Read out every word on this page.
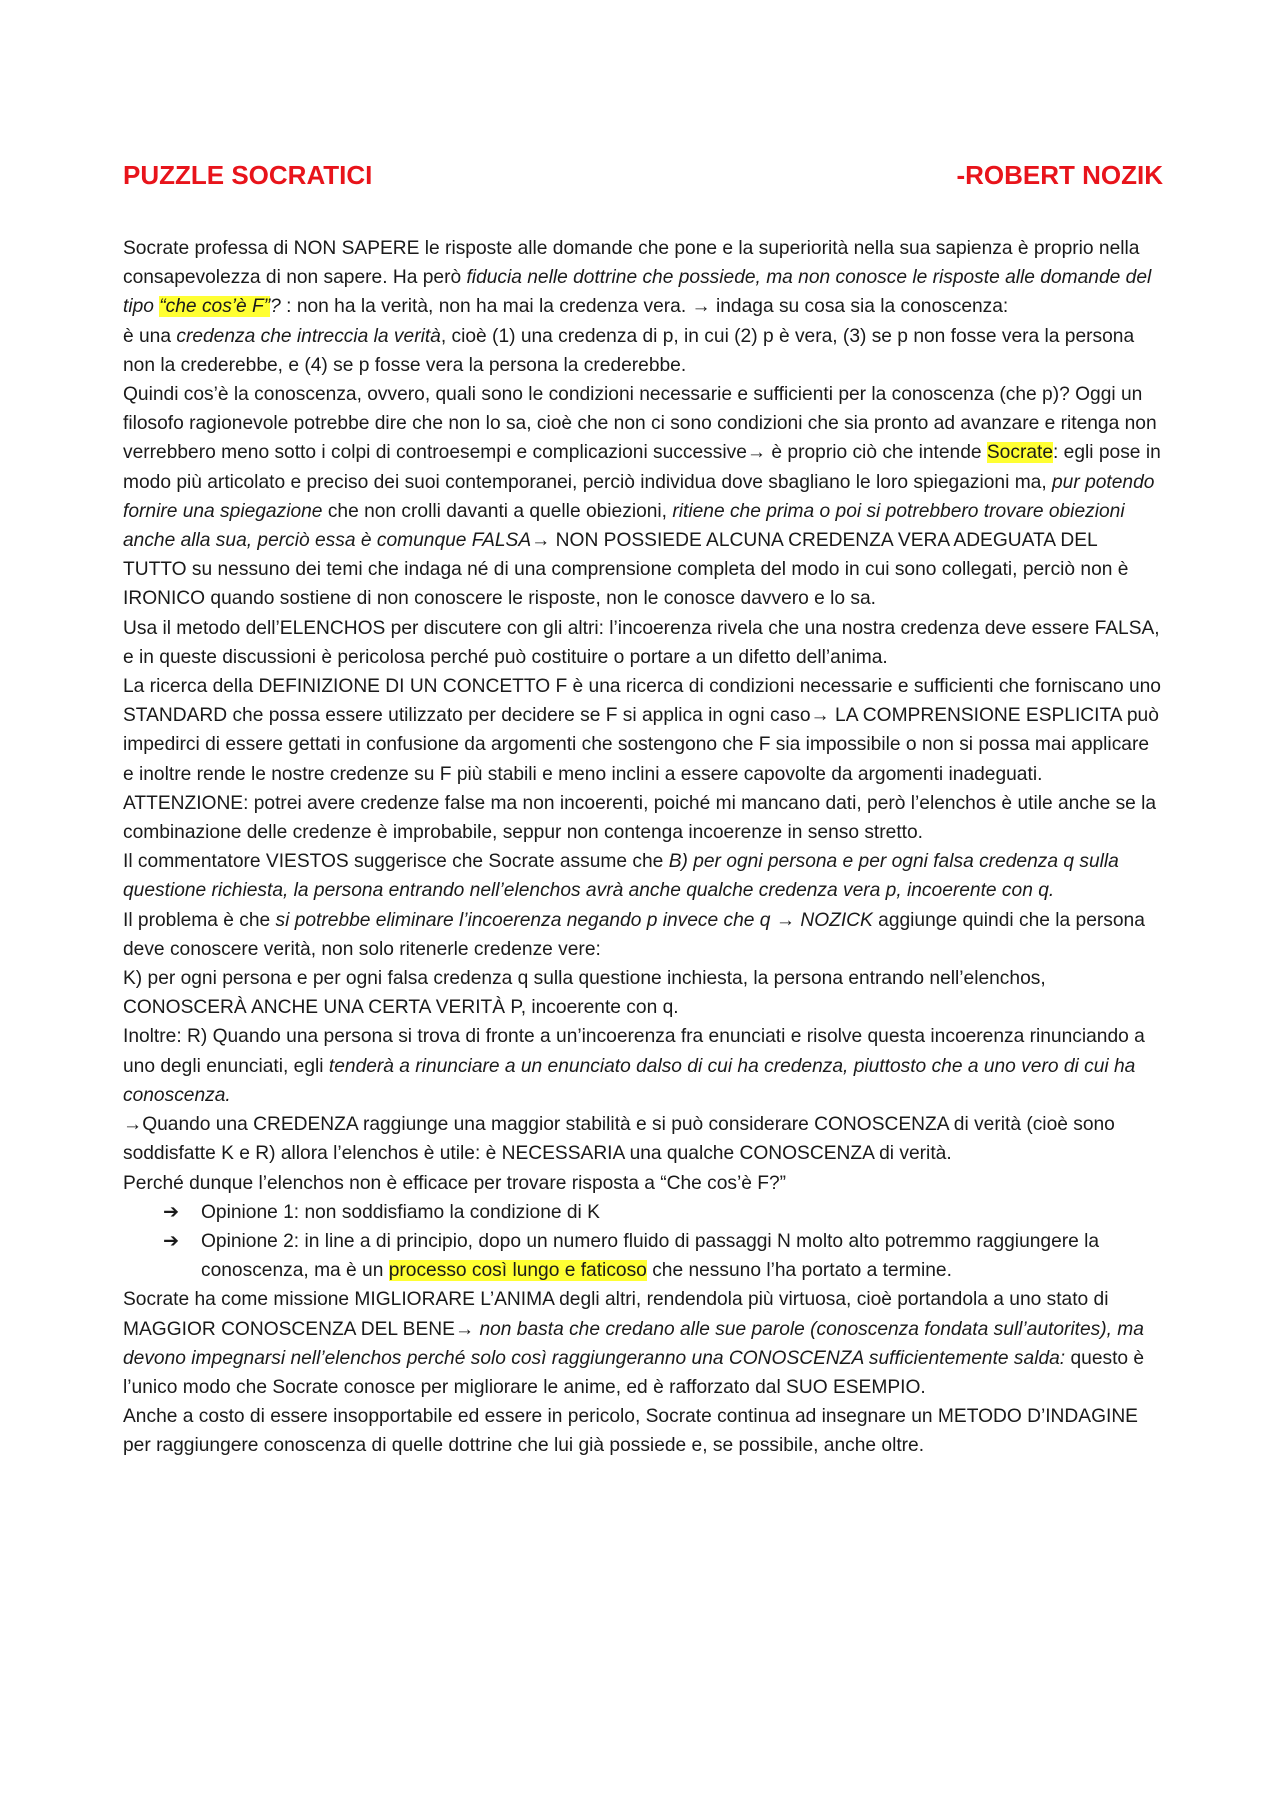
PUZZLE SOCRATICI	-ROBERT NOZIK

Socrate professa di NON SAPERE le risposte alle domande che pone e la superiorità nella sua sapienza è proprio nella consapevolezza di non sapere. Ha però fiducia nelle dottrine che possiede, ma non conosce le risposte alle domande del tipo “che cos’è F”? : non ha la verità, non ha mai la credenza vera. → indaga su cosa sia la conoscenza:

è una credenza che intreccia la verità, cioè (1) una credenza di p, in cui (2) p è vera, (3) se p non fosse vera la persona non la crederebbe, e (4) se p fosse vera la persona la crederebbe.

Quindi cos’è la conoscenza, ovvero, quali sono le condizioni necessarie e sufficienti per la conoscenza (che p)? Oggi un filosofo ragionevole potrebbe dire che non lo sa, cioè che non ci sono condizioni che sia pronto ad avanzare e ritenga non verrebbero meno sotto i colpi di controesempi e complicazioni successive→ è proprio ciò che intende Socrate: egli pose in modo più articolato e preciso dei suoi contemporanei, perciò individua dove sbagliano le loro spiegazioni ma, pur potendo fornire una spiegazione che non crolli davanti a quelle obiezioni, ritiene che prima o poi si potrebbero trovare obiezioni anche alla sua, perciò essa è comunque FALSA→ NON POSSIEDE ALCUNA CREDENZA VERA ADEGUATA DEL TUTTO su nessuno dei temi che indaga né di una comprensione completa del modo in cui sono collegati, perciò non è IRONICO quando sostiene di non conoscere le risposte, non le conosce davvero e lo sa.

Usa il metodo dell’ELENCHOS per discutere con gli altri: l’incoerenza rivela che una nostra credenza deve essere FALSA, e in queste discussioni è pericolosa perché può costituire o portare a un difetto dell’anima.

La ricerca della DEFINIZIONE DI UN CONCETTO F è una ricerca di condizioni necessarie e sufficienti che forniscano uno STANDARD che possa essere utilizzato per decidere se F si applica in ogni caso→ LA COMPRENSIONE ESPLICITA può impedirci di essere gettati in confusione da argomenti che sostengono che F sia impossibile o non si possa mai applicare e inoltre rende le nostre credenze su F più stabili e meno inclini a essere capovolte da argomenti inadeguati.

ATTENZIONE: potrei avere credenze false ma non incoerenti, poiché mi mancano dati, però l’elenchos è utile anche se la combinazione delle credenze è improbabile, seppur non contenga incoerenze in senso stretto.

Il commentatore VIESTOS suggerisce che Socrate assume che B) per ogni persona e per ogni falsa credenza q sulla questione richiesta, la persona entrando nell’elenchos avrà anche qualche credenza vera p, incoerente con q.

Il problema è che si potrebbe eliminare l’incoerenza negando p invece che q → NOZICK aggiunge quindi che la persona deve conoscere verità, non solo ritenerle credenze vere:

K) per ogni persona e per ogni falsa credenza q sulla questione inchiesta, la persona entrando nell’elenchos, CONOSCERÀ ANCHE UNA CERTA VERITÀ P, incoerente con q.

Inoltre: R) Quando una persona si trova di fronte a un’incoerenza fra enunciati e risolve questa incoerenza rinunciando a uno degli enunciati, egli tenderà a rinunciare a un enunciato dalso di cui ha credenza, piuttosto che a uno vero di cui ha conoscenza.

→Quando una CREDENZA raggiunge una maggior stabilità e si può considerare CONOSCENZA di verità (cioè sono soddisfatte K e R) allora l’elenchos è utile: è NECESSARIA una qualche CONOSCENZA di verità.

Perché dunque l’elenchos non è efficace per trovare risposta a “Che cos’è F?”

➔	Opinione 1: non soddisfiamo la condizione di K
➔	Opinione 2: in line a di principio, dopo un numero fluido di passaggi N molto alto potremmo raggiungere la conoscenza, ma è un processo così lungo e faticoso che nessuno l’ha portato a termine.

Socrate ha come missione MIGLIORARE L’ANIMA degli altri, rendendola più virtuosa, cioè portandola a uno stato di MAGGIOR CONOSCENZA DEL BENE→ non basta che credano alle sue parole (conoscenza fondata sull’autorites), ma devono impegnarsi nell’elenchos perché solo così raggiungeranno una CONOSCENZA sufficientemente salda: questo è l’unico modo che Socrate conosce per migliorare le anime, ed è rafforzato dal SUO ESEMPIO.

Anche a costo di essere insopportabile ed essere in pericolo, Socrate continua ad insegnare un METODO D’INDAGINE per raggiungere conoscenza di quelle dottrine che lui già possiede e, se possibile, anche oltre.
